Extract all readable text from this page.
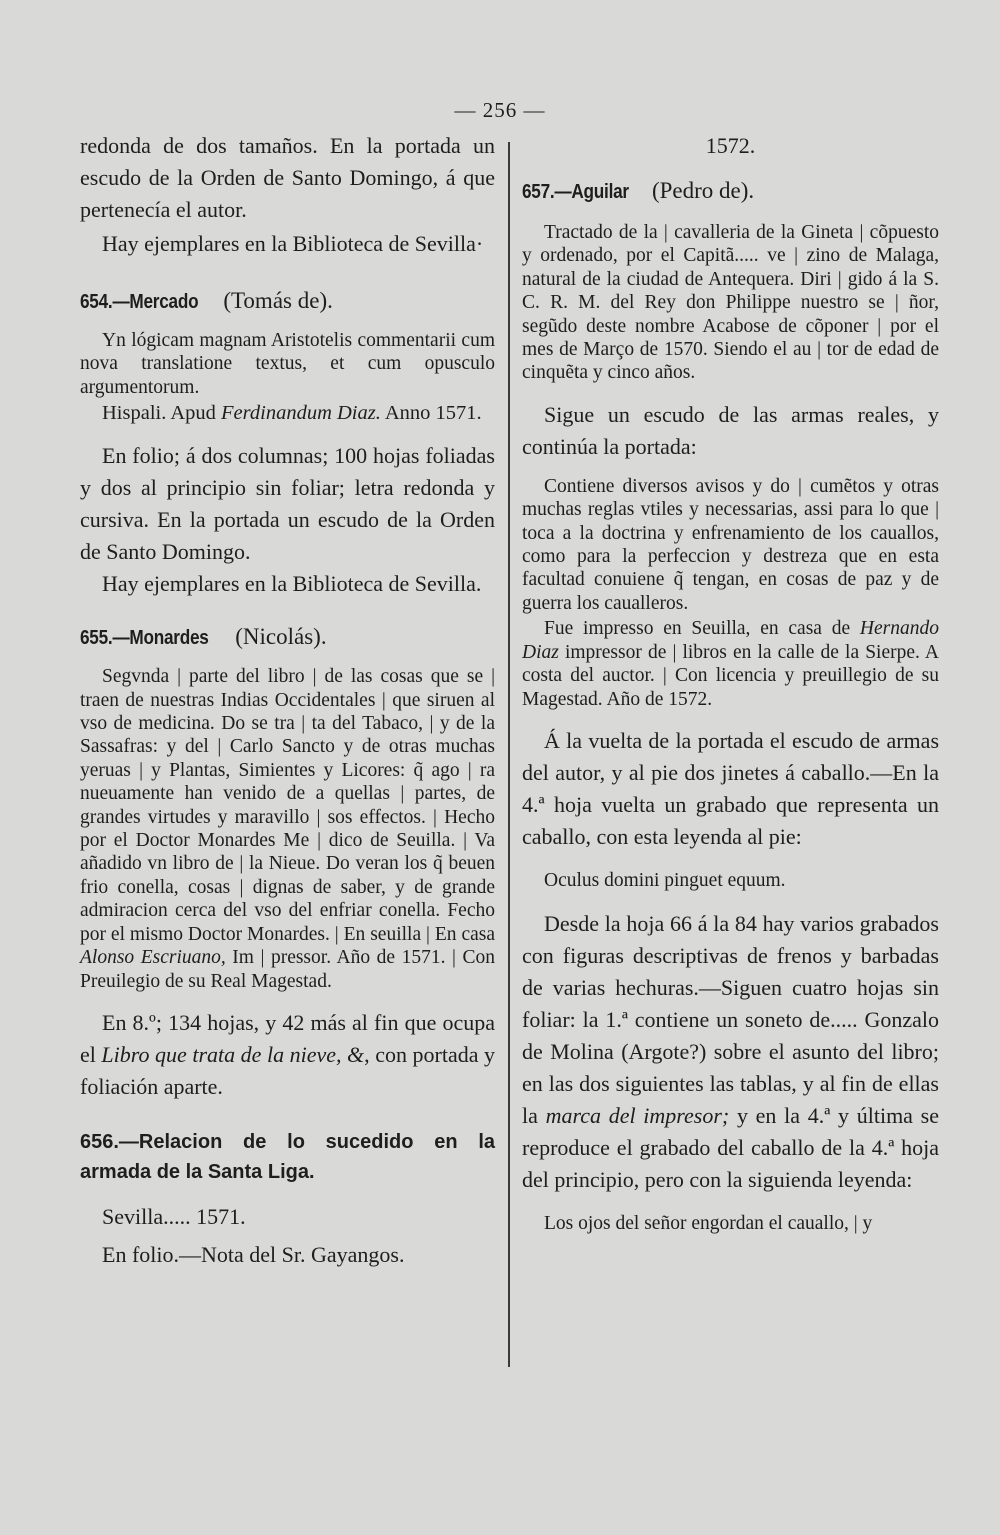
— 256 —

redonda de dos tamaños. En la portada un escudo de la Orden de Santo Domingo, á que pertenecía el autor.

Hay ejemplares en la Biblioteca de Sevilla·

654.—Mercado (Tomás de).

Yn lógicam magnam Aristotelis commentarii cum nova translatione textus, et cum opusculo argumentorum.

Hispali. Apud Ferdinandum Diaz. Anno 1571.

En folio; á dos columnas; 100 hojas foliadas y dos al principio sin foliar; letra redonda y cursiva. En la portada un escudo de la Orden de Santo Domingo.

Hay ejemplares en la Biblioteca de Sevilla.

655.—Monardes (Nicolás).

Segvnda | parte del libro | de las cosas que se | traen de nuestras Indias Occidentales | que siruen al vso de medicina. Do se tra | ta del Tabaco, | y de la Sassafras: y del | Carlo Sancto y de otras muchas yeruas | y Plantas, Simientes y Licores: q̃ ago | ra nueuamente han venido de a quellas | partes, de grandes virtudes y maravillo | sos effectos. | Hecho por el Doctor Monardes Me | dico de Seuilla. | Va añadido vn libro de | la Nieue. Do veran los q̃ beuen frio conella, cosas | dignas de saber, y de grande admiracion cerca del vso del enfriar conella. Fecho por el mismo Doctor Monardes. | En seuilla | En casa Alonso Escriuano, Im | pressor. Año de 1571. | Con Preuilegio de su Real Magestad.

En 8.º; 134 hojas, y 42 más al fin que ocupa el Libro que trata de la nieve, &, con portada y foliación aparte.

656.—Relacion de lo sucedido en la armada de la Santa Liga.

Sevilla..... 1571.

En folio.—Nota del Sr. Gayangos.

1572.

657.—Aguilar (Pedro de).

Tractado de la | cavalleria de la Gineta | cõpuesto y ordenado, por el Capitã..... ve | zino de Malaga, natural de la ciudad de Antequera. Diri | gido á la S. C. R. M. del Rey don Philippe nuestro se | ñor, segũdo deste nombre Acabose de cõponer | por el mes de Março de 1570. Siendo el au | tor de edad de cinquẽta y cinco años.

Sigue un escudo de las armas reales, y continúa la portada:

Contiene diversos avisos y do | cumẽtos y otras muchas reglas vtiles y necessarias, assi para lo que | toca a la doctrina y enfrenamiento de los cauallos, como para la perfeccion y destreza que en esta facultad conuiene q̃ tengan, en cosas de paz y de guerra los caualleros.

Fue impresso en Seuilla, en casa de Hernando Diaz impressor de | libros en la calle de la Sierpe. A costa del auctor. | Con licencia y preuillegio de su Magestad. Año de 1572.

Á la vuelta de la portada el escudo de armas del autor, y al pie dos jinetes á caballo.—En la 4.ª hoja vuelta un grabado que representa un caballo, con esta leyenda al pie:

Oculus domini pinguet equum.

Desde la hoja 66 á la 84 hay varios grabados con figuras descriptivas de frenos y barbadas de varias hechuras.—Siguen cuatro hojas sin foliar: la 1.ª contiene un soneto de..... Gonzalo de Molina (Argote?) sobre el asunto del libro; en las dos siguientes las tablas, y al fin de ellas la marca del impresor; y en la 4.ª y última se reproduce el grabado del caballo de la 4.ª hoja del principio, pero con la siguienda leyenda:

Los ojos del señor engordan el cauallo, | y
